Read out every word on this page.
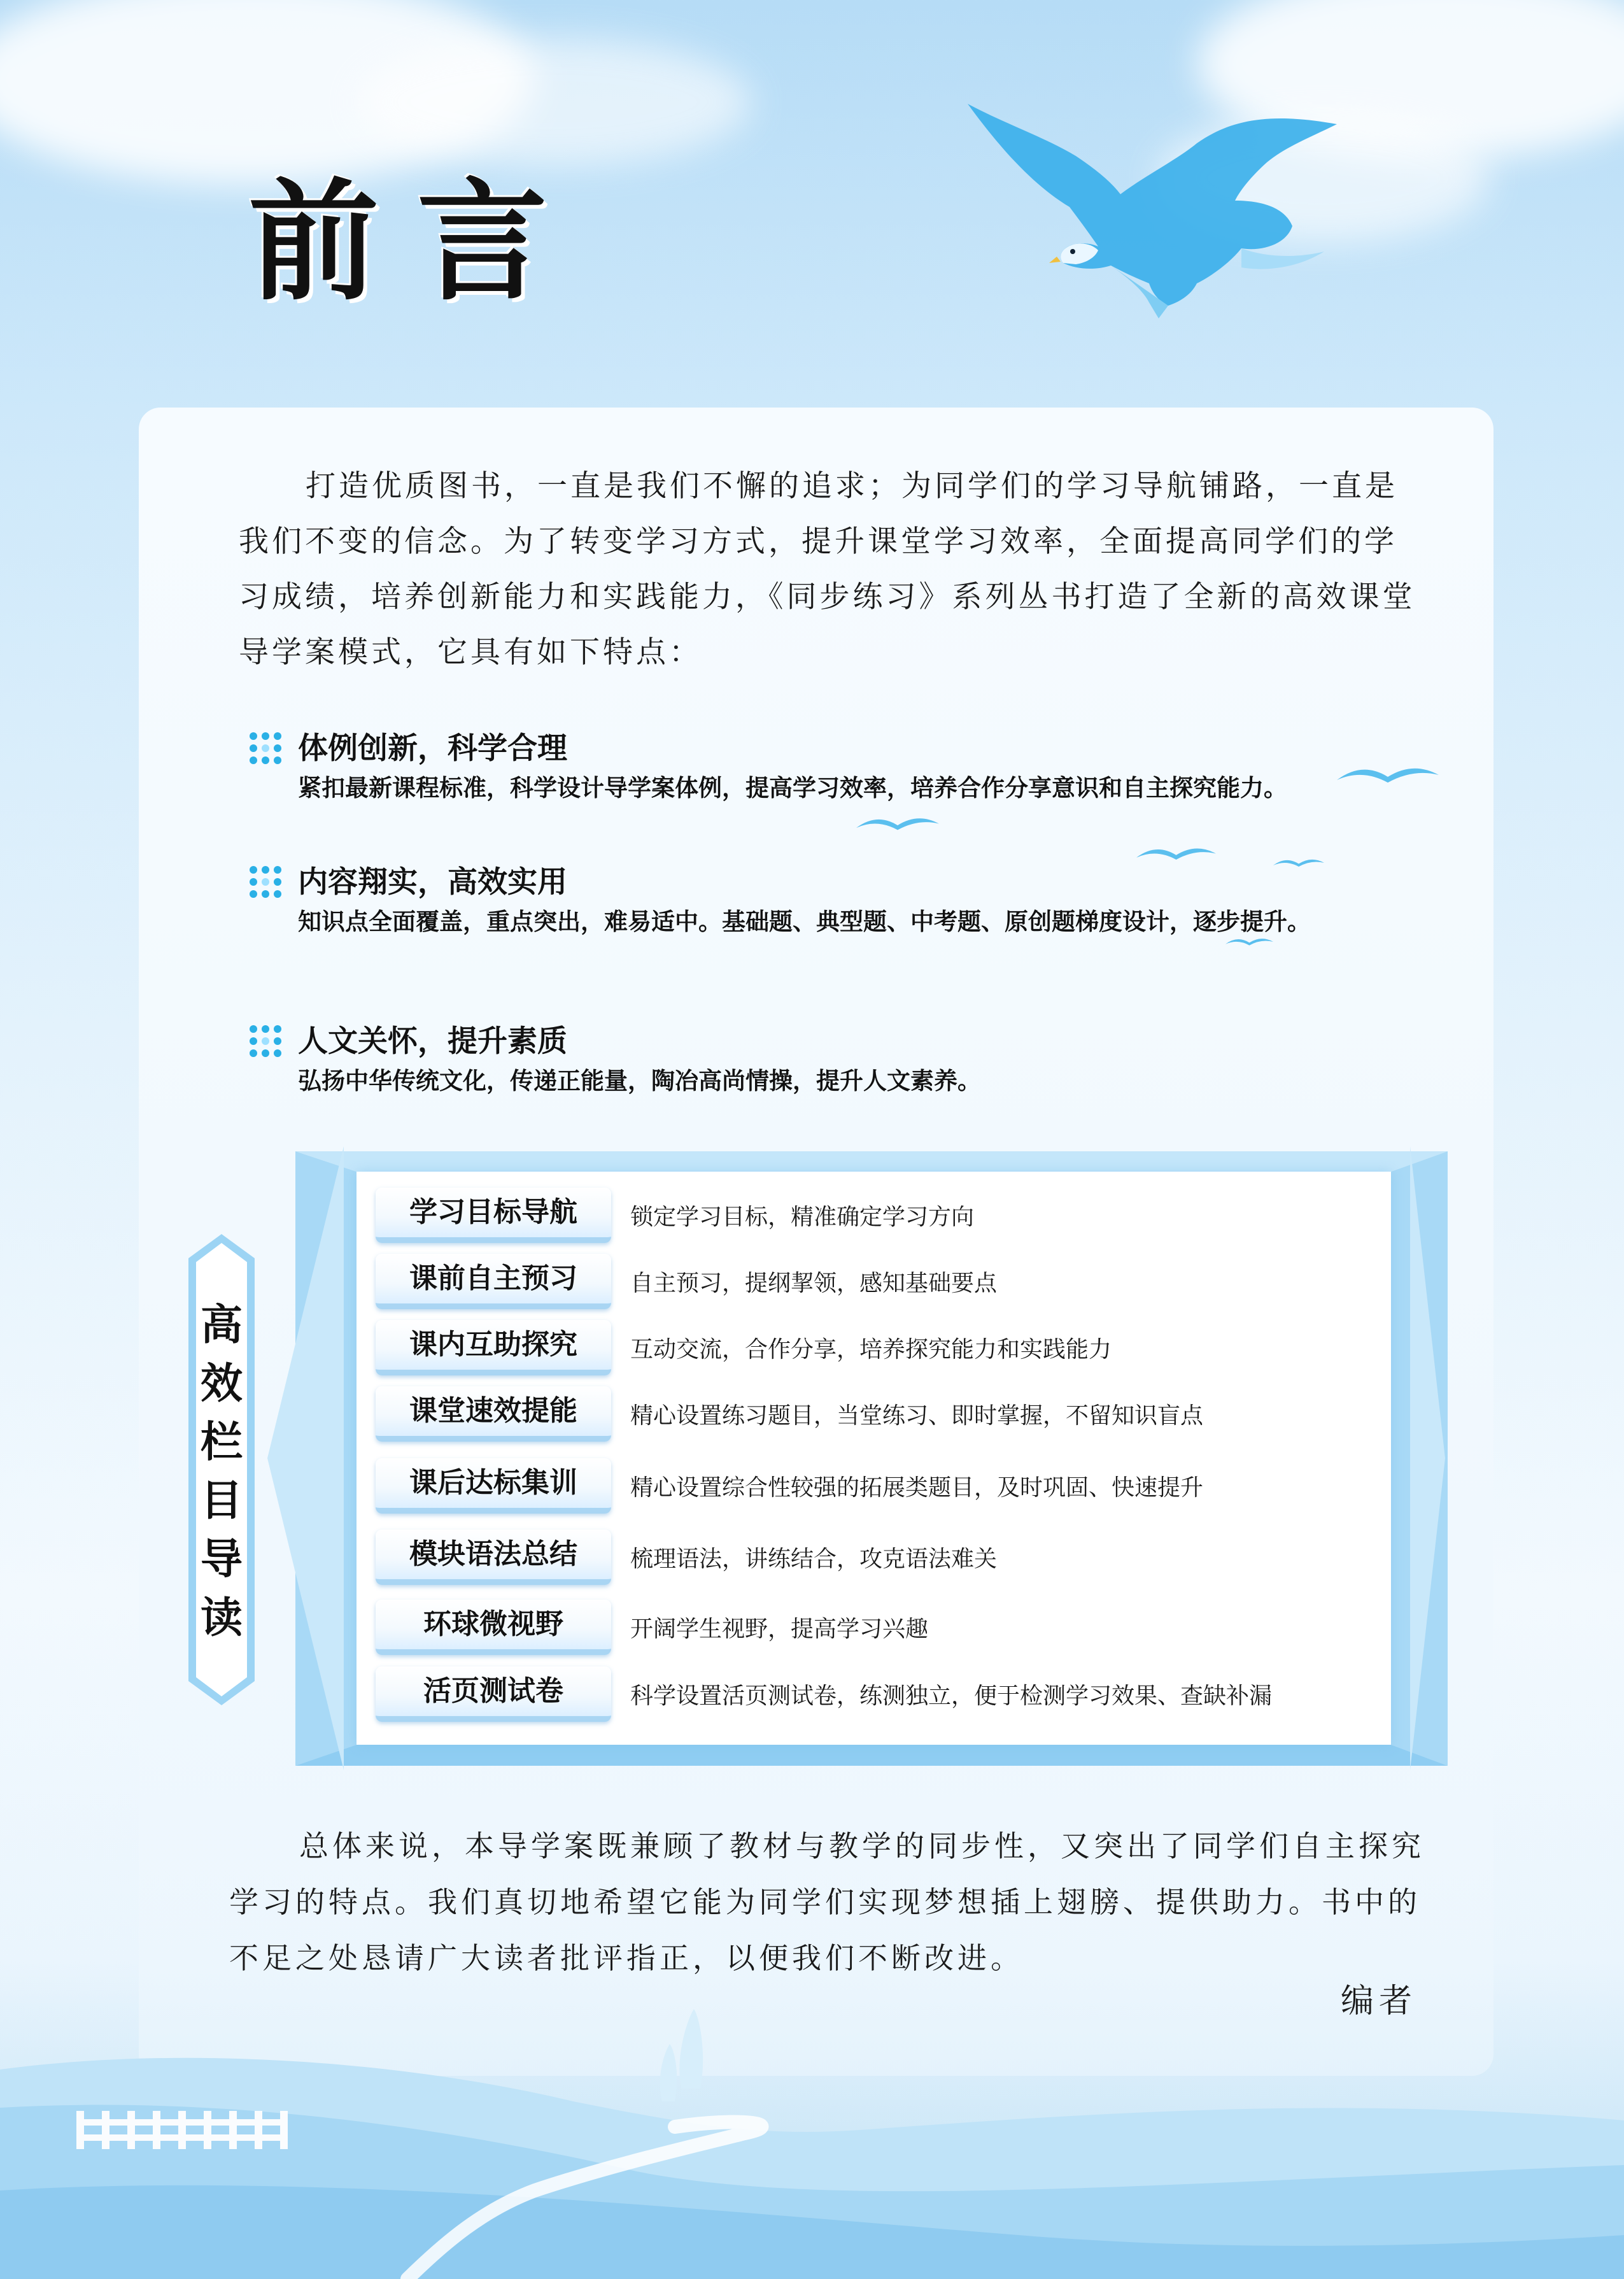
前言

打造优质图书，一直是我们不懈的追求；为同学们的学习导航铺路，一直是我们不变的信念。为了转变学习方式，提升课堂学习效率，全面提高同学们的学习成绩，培养创新能力和实践能力，《同步练习》系列丛书打造了全新的高效课堂导学案模式，它具有如下特点：

体例创新，科学合理
紧扣最新课程标准，科学设计导学案体例，提高学习效率，培养合作分享意识和自主探究能力。
内容翔实，高效实用
知识点全面覆盖，重点突出，难易适中。基础题、典型题、中考题、原创题梯度设计，逐步提升。
人文关怀，提升素质
弘扬中华传统文化，传递正能量，陶冶高尚情操，提升人文素养。
高效栏目导读
学习目标导航	锁定学习目标，精准确定学习方向
课前自主预习	自主预习，提纲挈领，感知基础要点
课内互助探究	互动交流，合作分享，培养探究能力和实践能力
课堂速效提能	精心设置练习题目，当堂练习、即时掌握，不留知识盲点
课后达标集训	精心设置综合性较强的拓展类题目，及时巩固、快速提升
模块语法总结	梳理语法，讲练结合，攻克语法难关
环球微视野	开阔学生视野，提高学习兴趣
活页测试卷	科学设置活页测试卷，练测独立，便于检测学习效果、查缺补漏

总体来说，本导学案既兼顾了教材与教学的同步性，又突出了同学们自主探究学习的特点。我们真切地希望它能为同学们实现梦想插上翅膀、提供助力。书中的不足之处恳请广大读者批评指正，以便我们不断改进。

编者
